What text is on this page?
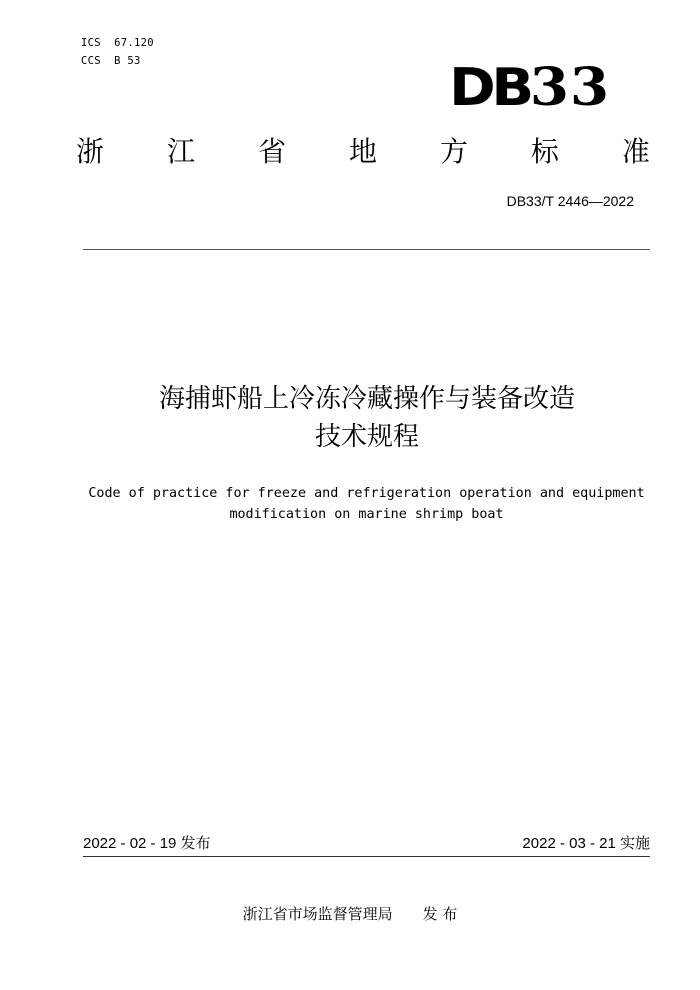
ICS  67.120
CCS  B 53	DB33
浙 江 省 地 方 标 准
DB33/T 2446—2022
海捕虾船上冷冻冷藏操作与装备改造
技术规程
Code of practice for freeze and refrigeration operation and equipment
modification on marine shrimp boat
2022 - 02 - 19 发布	2022 - 03 - 21 实施
浙江省市场监督管理局 发 布
